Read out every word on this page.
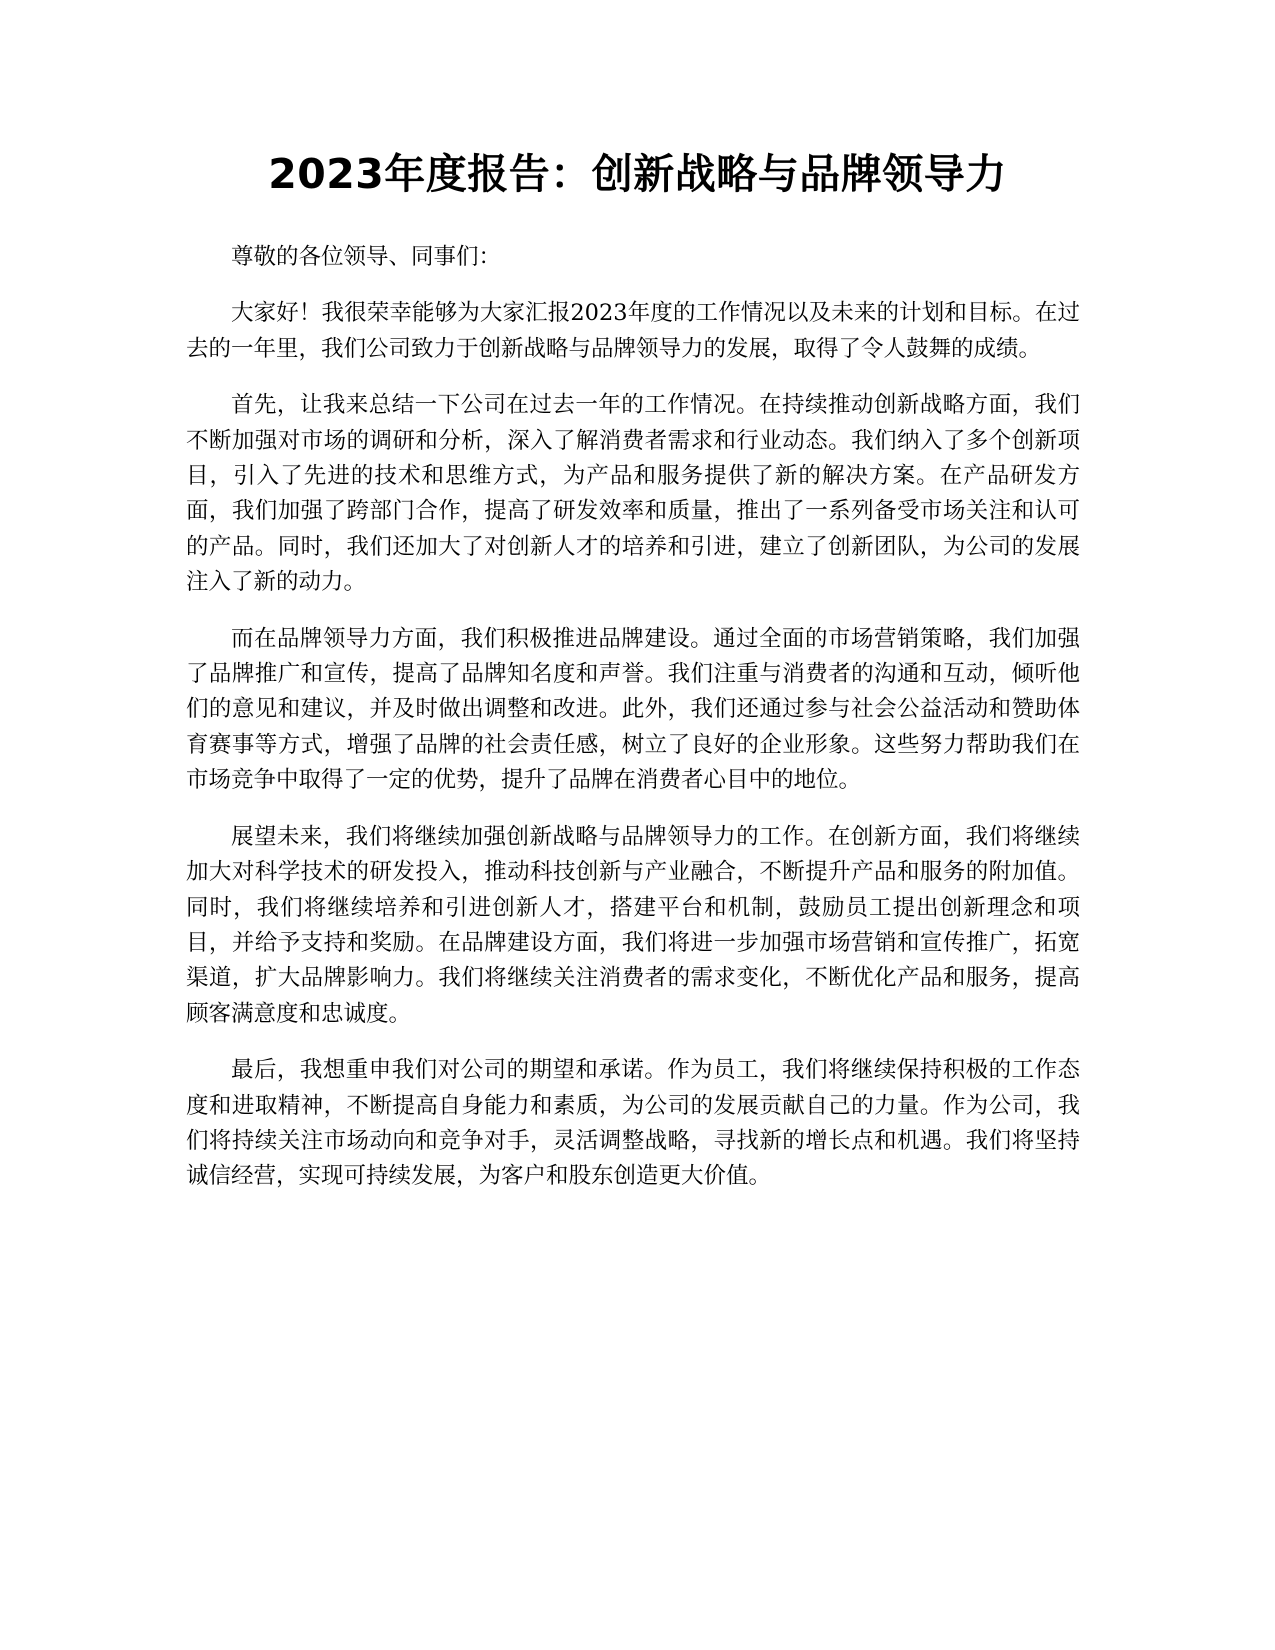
2023年度报告：创新战略与品牌领导力

尊敬的各位领导、同事们：

大家好！我很荣幸能够为大家汇报2023年度的工作情况以及未来的计划和目标。在过去的一年里，我们公司致力于创新战略与品牌领导力的发展，取得了令人鼓舞的成绩。

首先，让我来总结一下公司在过去一年的工作情况。在持续推动创新战略方面，我们不断加强对市场的调研和分析，深入了解消费者需求和行业动态。我们纳入了多个创新项目，引入了先进的技术和思维方式，为产品和服务提供了新的解决方案。在产品研发方面，我们加强了跨部门合作，提高了研发效率和质量，推出了一系列备受市场关注和认可的产品。同时，我们还加大了对创新人才的培养和引进，建立了创新团队，为公司的发展注入了新的动力。

而在品牌领导力方面，我们积极推进品牌建设。通过全面的市场营销策略，我们加强了品牌推广和宣传，提高了品牌知名度和声誉。我们注重与消费者的沟通和互动，倾听他们的意见和建议，并及时做出调整和改进。此外，我们还通过参与社会公益活动和赞助体育赛事等方式，增强了品牌的社会责任感，树立了良好的企业形象。这些努力帮助我们在市场竞争中取得了一定的优势，提升了品牌在消费者心目中的地位。

展望未来，我们将继续加强创新战略与品牌领导力的工作。在创新方面，我们将继续加大对科学技术的研发投入，推动科技创新与产业融合，不断提升产品和服务的附加值。同时，我们将继续培养和引进创新人才，搭建平台和机制，鼓励员工提出创新理念和项目，并给予支持和奖励。在品牌建设方面，我们将进一步加强市场营销和宣传推广，拓宽渠道，扩大品牌影响力。我们将继续关注消费者的需求变化，不断优化产品和服务，提高顾客满意度和忠诚度。

最后，我想重申我们对公司的期望和承诺。作为员工，我们将继续保持积极的工作态度和进取精神，不断提高自身能力和素质，为公司的发展贡献自己的力量。作为公司，我们将持续关注市场动向和竞争对手，灵活调整战略，寻找新的增长点和机遇。我们将坚持诚信经营，实现可持续发展，为客户和股东创造更大价值。
